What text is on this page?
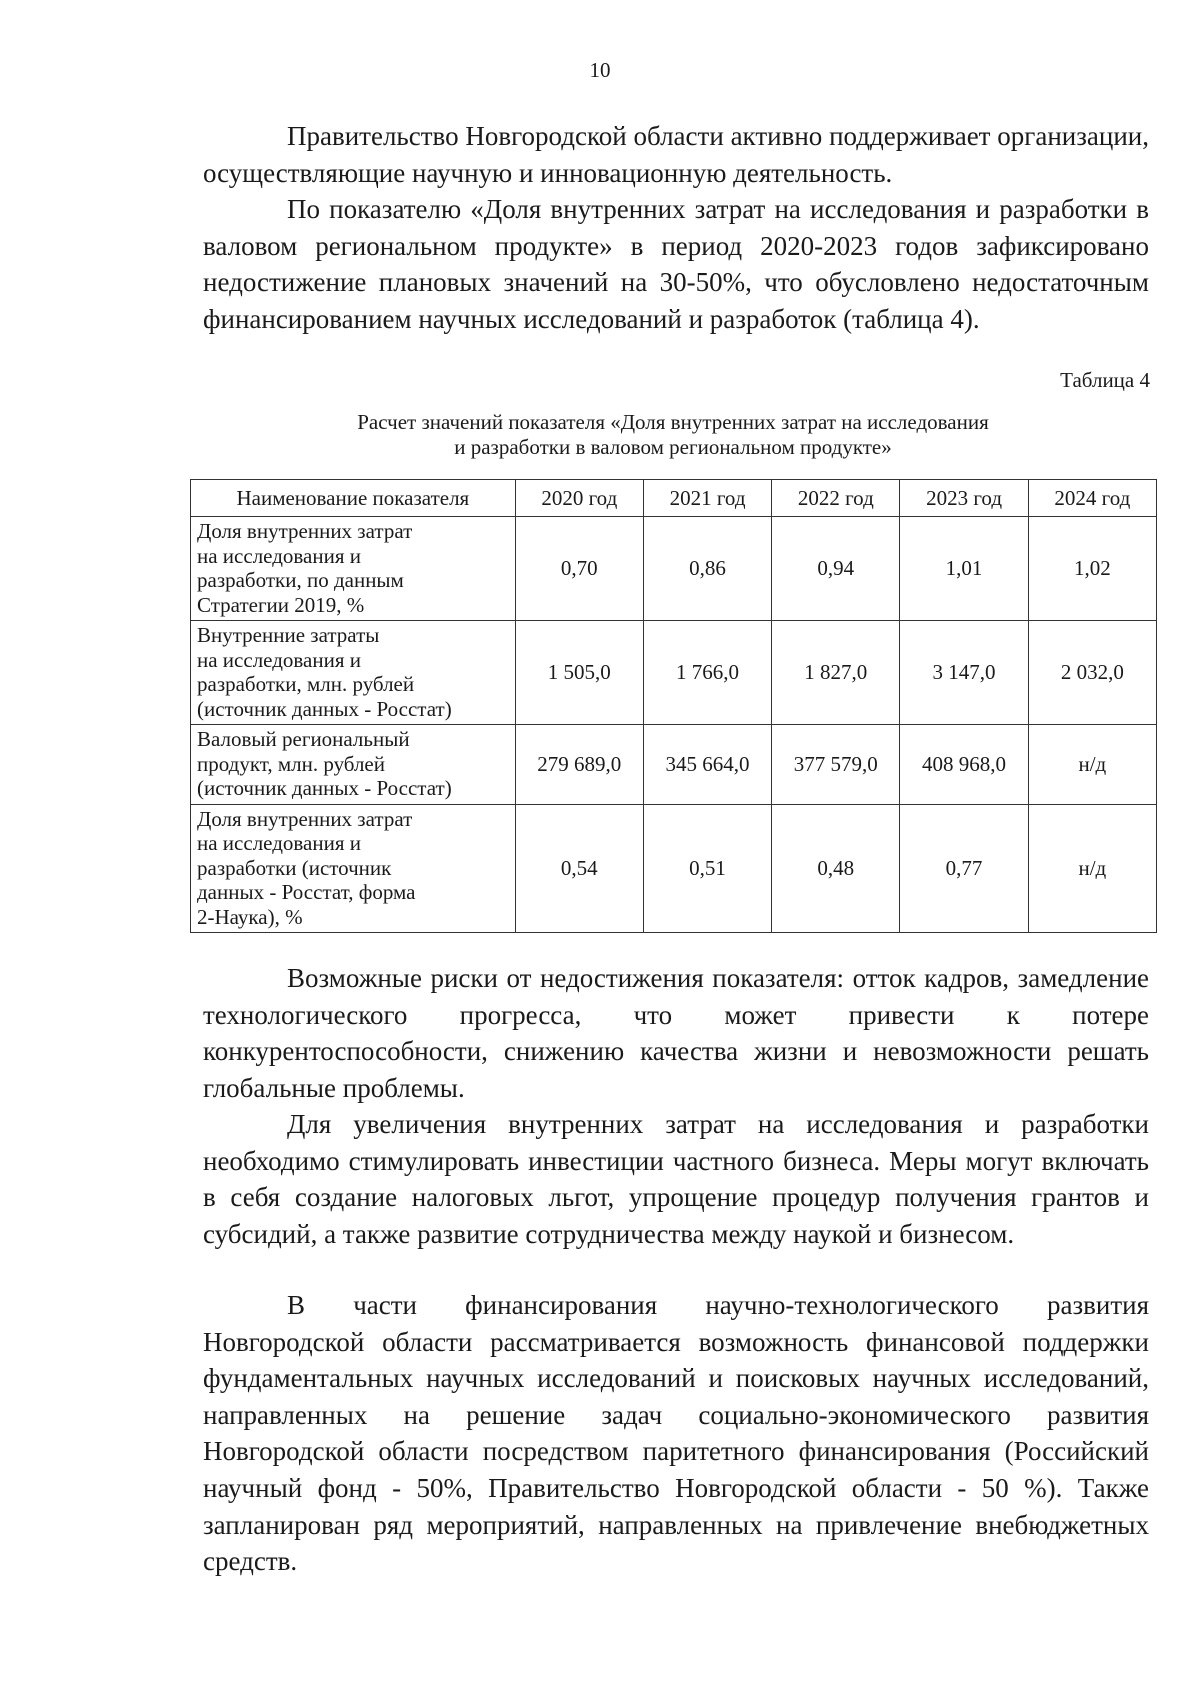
10

Правительство Новгородской области активно поддерживает организации, осуществляющие научную и инновационную деятельность.

По показателю «Доля внутренних затрат на исследования и разработки в валовом региональном продукте» в период 2020-2023 годов зафиксировано недостижение плановых значений на 30-50%, что обусловлено недостаточным финансированием научных исследований и разработок (таблица 4).

Таблица 4
Расчет значений показателя «Доля внутренних затрат на исследования
и разработки в валовом региональном продукте»
Наименование показателя	2020 год	2021 год	2022 год	2023 год	2024 год

Доля внутренних затрат
на исследования и
разработки, по данным
Стратегии 2019, %	0,70	0,86	0,94	1,01	1,02

Внутренние затраты
на исследования и
разработки, млн. рублей
(источник данных - Росстат)	1 505,0	1 766,0	1 827,0	3 147,0	2 032,0

Валовый региональный
продукт, млн. рублей
(источник данных - Росстат)	279 689,0	345 664,0	377 579,0	408 968,0	н/д

Доля внутренних затрат
на исследования и
разработки (источник
данных - Росстат, форма
2-Наука), %	0,54	0,51	0,48	0,77	н/д

Возможные риски от недостижения показателя: отток кадров, замедление технологического прогресса, что может привести к потере конкурентоспособности, снижению качества жизни и невозможности решать глобальные проблемы.

Для увеличения внутренних затрат на исследования и разработки необходимо стимулировать инвестиции частного бизнеса. Меры могут включать в себя создание налоговых льгот, упрощение процедур получения грантов и субсидий, а также развитие сотрудничества между наукой и бизнесом.

В части финансирования научно-технологического развития Новгородской области рассматривается возможность финансовой поддержки фундаментальных научных исследований и поисковых научных исследований, направленных на решение задач социально-экономического развития Новгородской области посредством паритетного финансирования (Российский научный фонд - 50%, Правительство Новгородской области - 50 %). Также запланирован ряд мероприятий, направленных на привлечение внебюджетных средств.
